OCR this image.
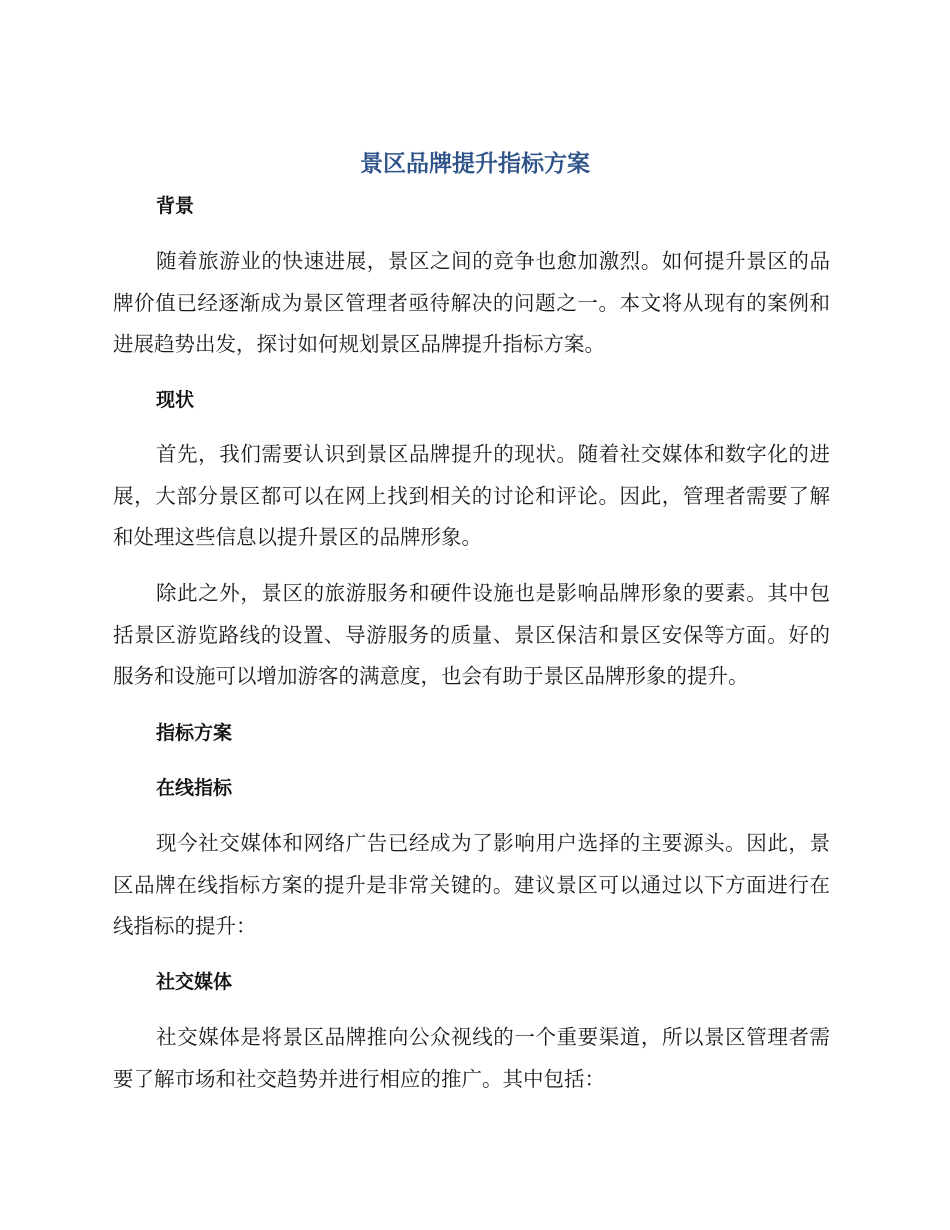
景区品牌提升指标方案
背景

随着旅游业的快速进展，景区之间的竞争也愈加激烈。如何提升景区的品牌价值已经逐渐成为景区管理者亟待解决的问题之一。本文将从现有的案例和进展趋势出发，探讨如何规划景区品牌提升指标方案。

现状

首先，我们需要认识到景区品牌提升的现状。随着社交媒体和数字化的进展，大部分景区都可以在网上找到相关的讨论和评论。因此，管理者需要了解和处理这些信息以提升景区的品牌形象。

除此之外，景区的旅游服务和硬件设施也是影响品牌形象的要素。其中包括景区游览路线的设置、导游服务的质量、景区保洁和景区安保等方面。好的服务和设施可以增加游客的满意度，也会有助于景区品牌形象的提升。

指标方案
在线指标

现今社交媒体和网络广告已经成为了影响用户选择的主要源头。因此，景区品牌在线指标方案的提升是非常关键的。建议景区可以通过以下方面进行在线指标的提升：

社交媒体

社交媒体是将景区品牌推向公众视线的一个重要渠道，所以景区管理者需要了解市场和社交趋势并进行相应的推广。其中包括：
